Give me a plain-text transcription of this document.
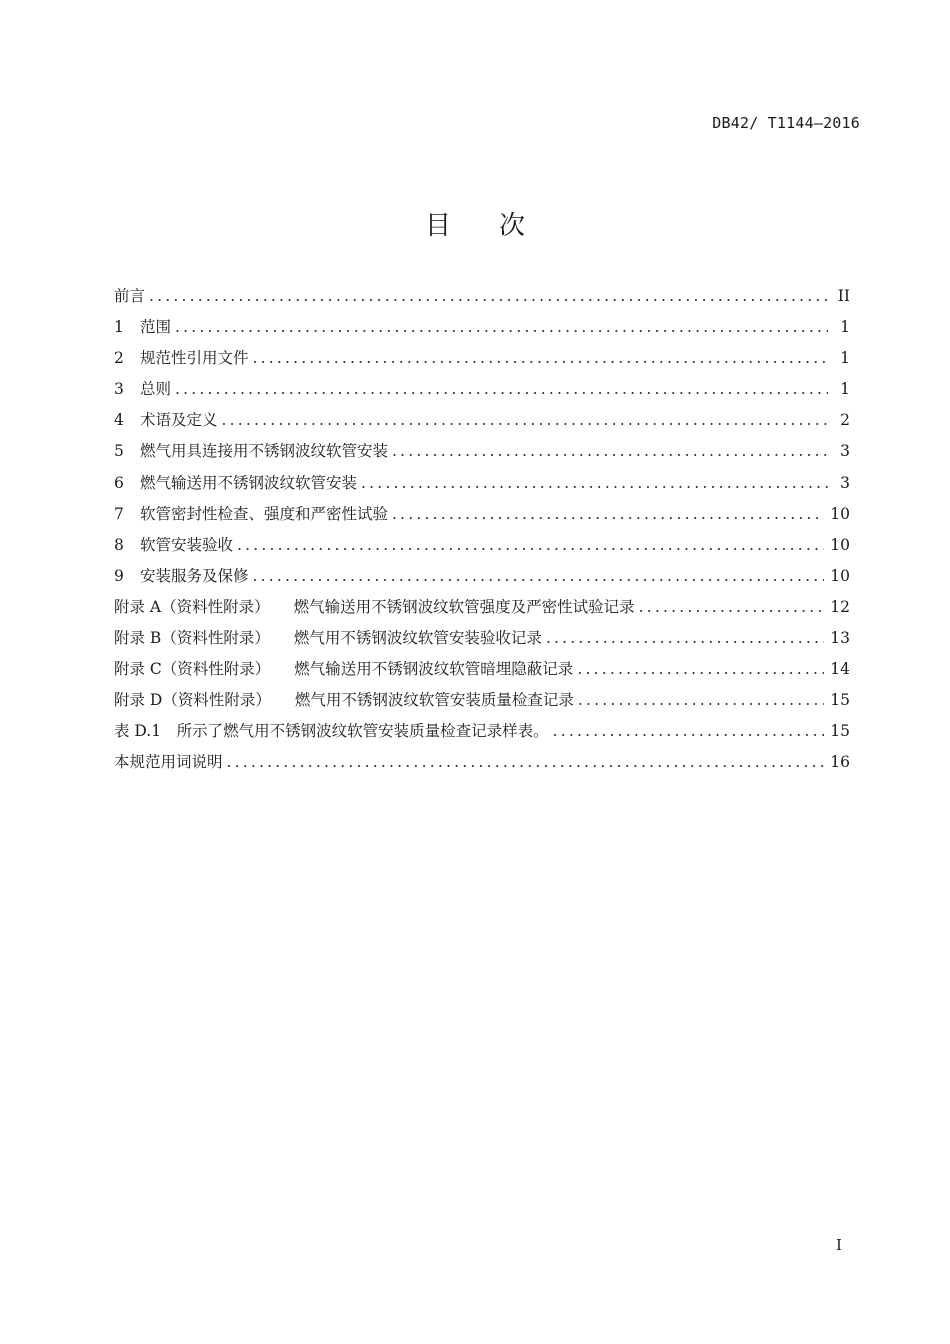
DB42/ T1144—2016
目 次
前言 .....	II
1	范围 .....	1
2	规范性引用文件 .....	1
3	总则 .....	1
4	术语及定义 .....	2
5	燃气用具连接用不锈钢波纹软管安装 .....	3
6	燃气输送用不锈钢波纹软管安装 .....	3
7	软管密封性检查、强度和严密性试验 .....	10
8	软管安装验收 .....	10
9	安装服务及保修 .....	10
附录 A（资料性附录） 燃气输送用不锈钢波纹软管强度及严密性试验记录 .....	12
附录 B（资料性附录） 燃气用不锈钢波纹软管安装验收记录 .....	13
附录 C（资料性附录） 燃气输送用不锈钢波纹软管暗埋隐蔽记录 .....	14
附录 D（资料性附录） 燃气用不锈钢波纹软管安装质量检查记录 .....	15
表 D.1　所示了燃气用不锈钢波纹软管安装质量检查记录样表。 .....	15
本规范用词说明 .....	16
I
